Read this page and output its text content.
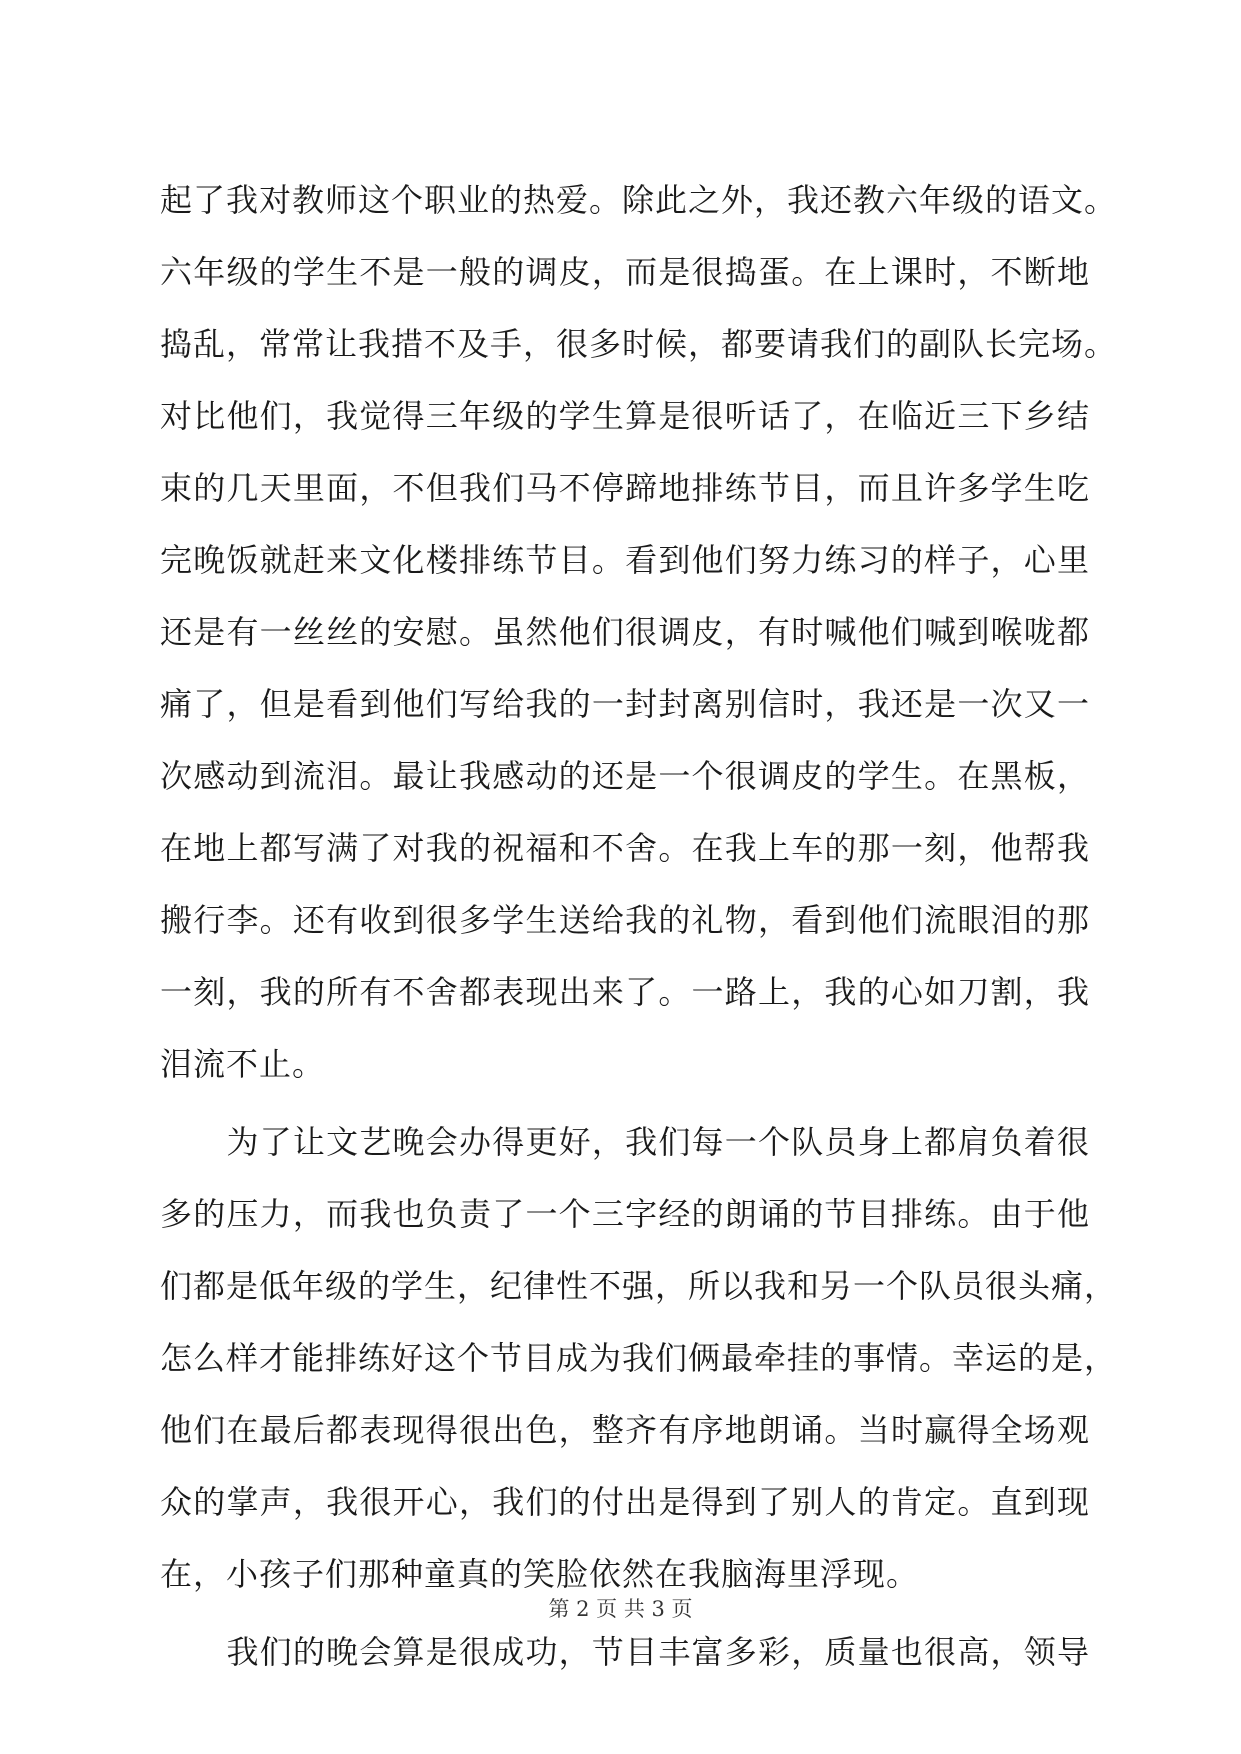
起了我对教师这个职业的热爱。除此之外，我还教六年级的语文。
六年级的学生不是一般的调皮，而是很捣蛋。在上课时，不断地
捣乱，常常让我措不及手，很多时候，都要请我们的副队长完场。
对比他们，我觉得三年级的学生算是很听话了，在临近三下乡结
束的几天里面，不但我们马不停蹄地排练节目，而且许多学生吃
完晚饭就赶来文化楼排练节目。看到他们努力练习的样子，心里
还是有一丝丝的安慰。虽然他们很调皮，有时喊他们喊到喉咙都
痛了，但是看到他们写给我的一封封离别信时，我还是一次又一
次感动到流泪。最让我感动的还是一个很调皮的学生。在黑板，
在地上都写满了对我的祝福和不舍。在我上车的那一刻，他帮我
搬行李。还有收到很多学生送给我的礼物，看到他们流眼泪的那
一刻，我的所有不舍都表现出来了。一路上，我的心如刀割，我
泪流不止。
　　为了让文艺晚会办得更好，我们每一个队员身上都肩负着很
多的压力，而我也负责了一个三字经的朗诵的节目排练。由于他
们都是低年级的学生，纪律性不强，所以我和另一个队员很头痛，
怎么样才能排练好这个节目成为我们俩最牵挂的事情。幸运的是，
他们在最后都表现得很出色，整齐有序地朗诵。当时赢得全场观
众的掌声，我很开心，我们的付出是得到了别人的肯定。直到现
在，小孩子们那种童真的笑脸依然在我脑海里浮现。
　　我们的晚会算是很成功，节目丰富多彩，质量也很高，领导
第 2 页 共 3 页
